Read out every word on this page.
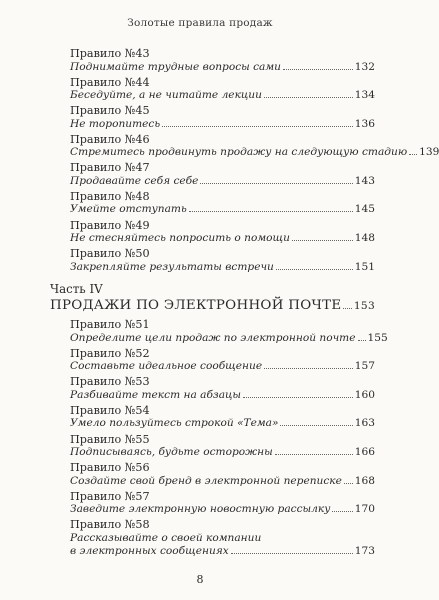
Золотые правила продаж
Правило №43
Поднимайте трудные вопросы сами	132
Правило №44
Беседуйте, а не читайте лекции	134
Правило №45
Не торопитесь	136
Правило №46
Стремитесь продвинуть продажу на следующую стадию 139
Правило №47
Продавайте себя себе	143
Правило №48
Умейте отступать	145
Правило №49
Не стесняйтесь попросить о помощи	148
Правило №50
Закрепляйте результаты встречи	151
Часть IV
ПРОДАЖИ ПО ЭЛЕКТРОННОЙ ПОЧТЕ 153
Правило №51
Определите цели продаж по электронной почте 155
Правило №52
Составьте идеальное сообщение	157
Правило №53
Разбивайте текст на абзацы	160
Правило №54
Умело пользуйтесь строкой «Тема»	163
Правило №55
Подписываясь, будьте осторожны	166
Правило №56
Создайте свой бренд в электронной переписке 168
Правило №57
Заведите электронную новостную рассылку 170
Правило №58
Рассказывайте о своей компании
в электронных сообщениях	173
8
